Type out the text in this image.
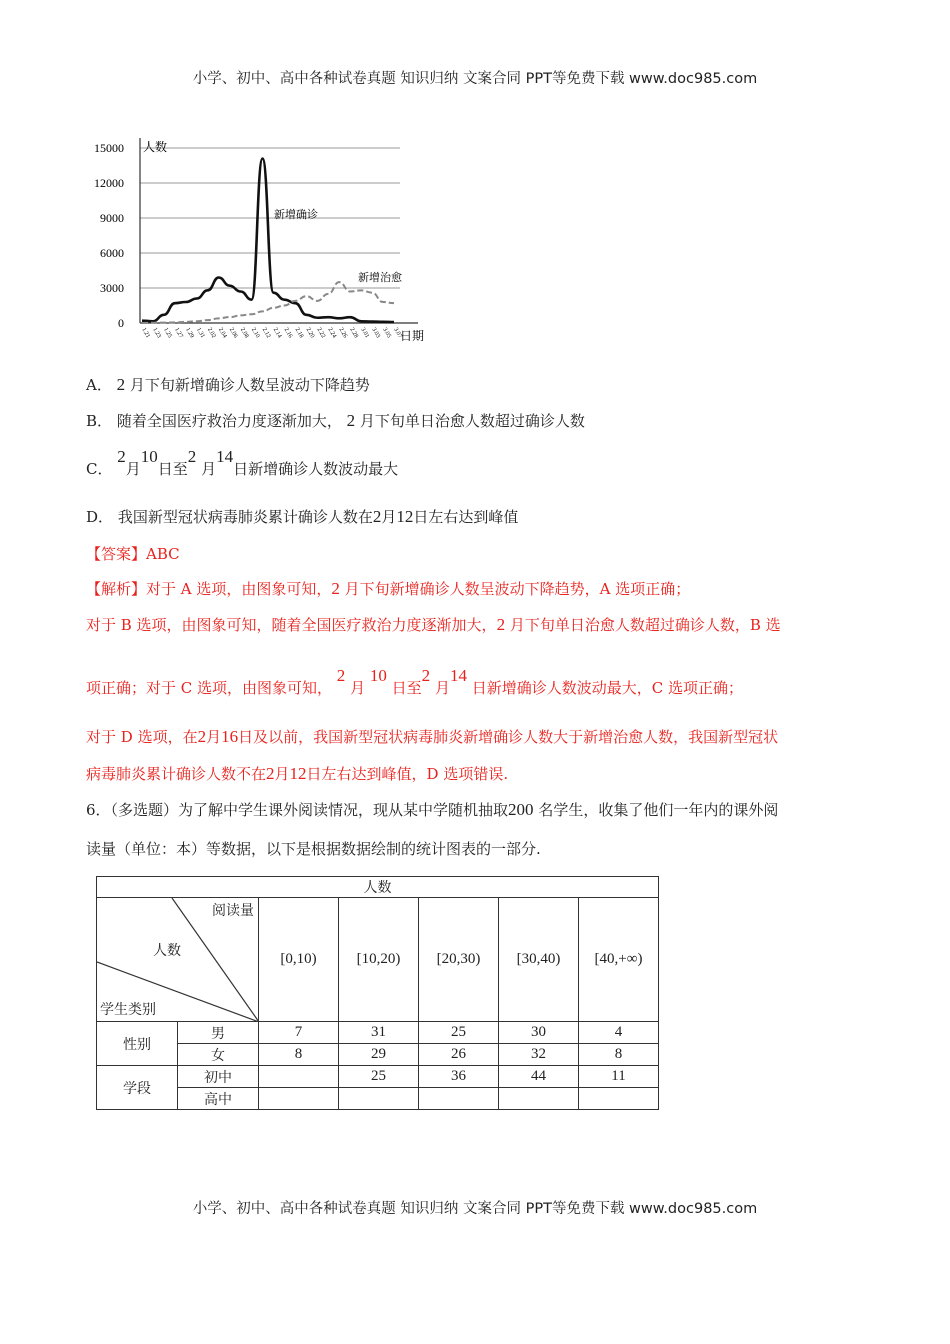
小学、初中、高中各种试卷真题 知识归纳 文案合同 PPT等免费下载 www.doc985.com
0
3000
6000
9000
12000
15000 人数
日期
1.21 1.23 1.25 1.27 1.29 1.31 2.02 2.04 2.06 2.08 2.10 2.12 2.14 2.16 2.18 2.20 2.22 2.24 2.26 2.28 3.01 3.03 3.05 3.07
新增确诊
新增治愈
A． 2 月下旬新增确诊人数呈波动下降趋势
B． 随着全国医疗救治力度逐渐加大， 2 月下旬单日治愈人数超过确诊人数
C． 2月10日至2 月14日新增确诊人数波动最大
D． 我国新型冠状病毒肺炎累计确诊人数在2月12日左右达到峰值
【答案】ABC
【解析】对于 A 选项，由图象可知，2 月下旬新增确诊人数呈波动下降趋势，A 选项正确；
对于 B 选项，由图象可知，随着全国医疗救治力度逐渐加大，2 月下旬单日治愈人数超过确诊人数，B 选
项正确；对于 C 选项，由图象可知， 2 月 10 日至2 月14 日新增确诊人数波动最大，C 选项正确；
对于 D 选项，在2月16日及以前，我国新型冠状病毒肺炎新增确诊人数大于新增治愈人数，我国新型冠状
病毒肺炎累计确诊人数不在2月12日左右达到峰值，D 选项错误.
6．（多选题）为了解中学生课外阅读情况，现从某中学随机抽取200 名学生，收集了他们一年内的课外阅
读量（单位：本）等数据，以下是根据数据绘制的统计图表的一部分.
人数						

阅读量
人数
学生类别		[0,10)	[10,20)	[20,30)	[30,40)	[40,+∞)
性别	男	7	31	25	30	4
	女	8	29	26	32	8
学段	初中		25	36	44	11
	高中					
小学、初中、高中各种试卷真题 知识归纳 文案合同 PPT等免费下载 www.doc985.com
